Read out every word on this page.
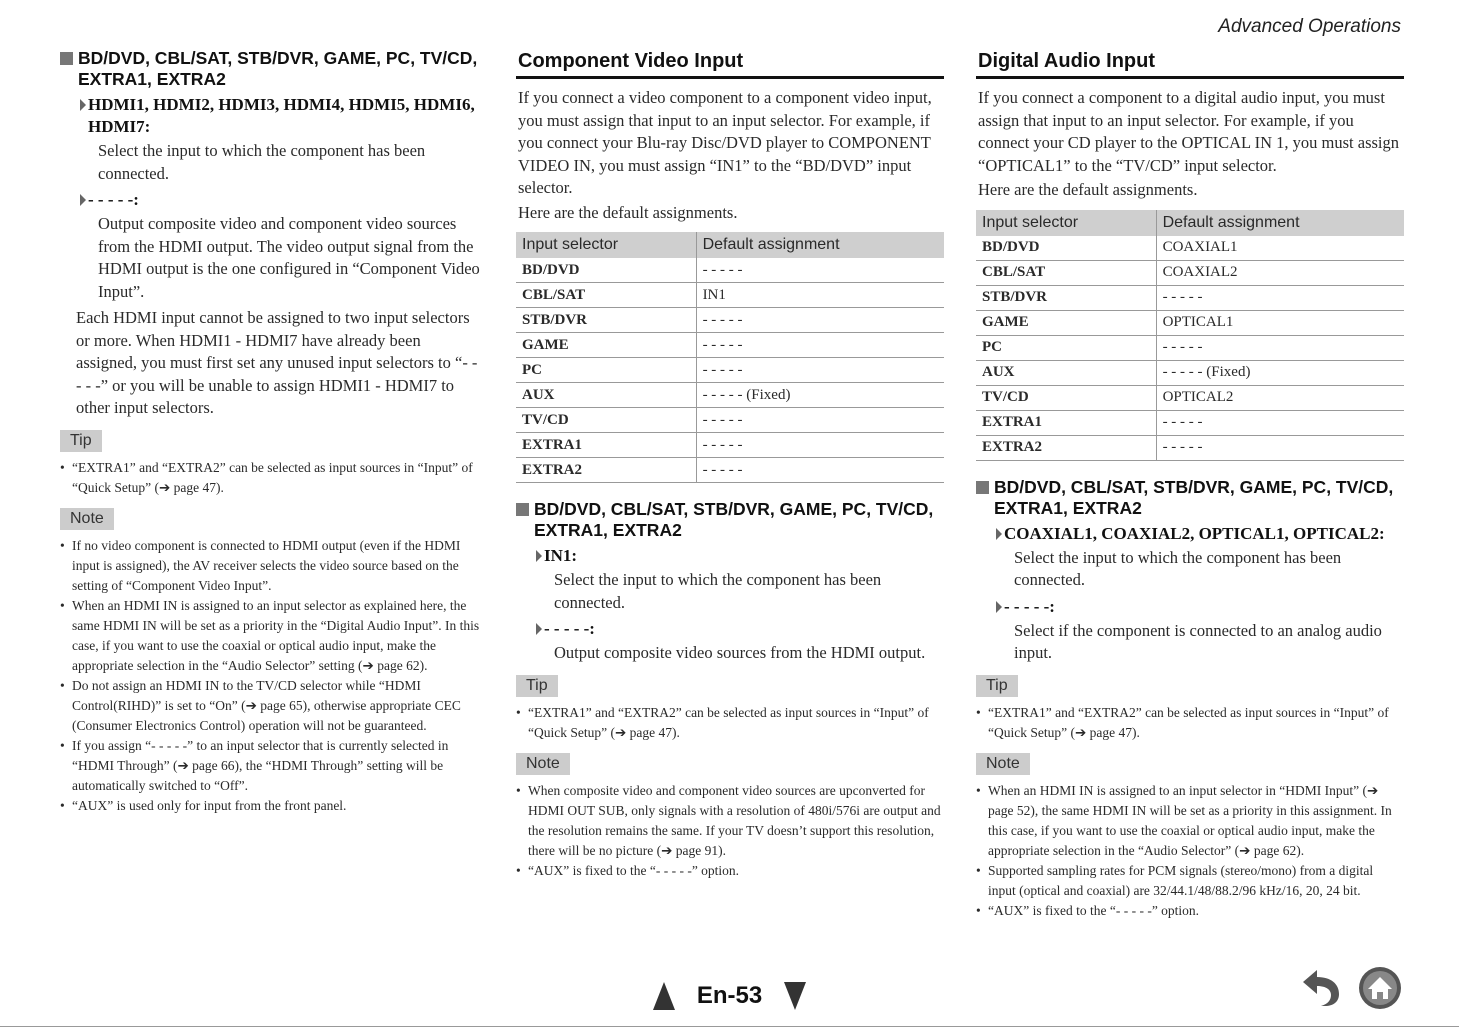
Advanced Operations
BD/DVD, CBL/SAT, STB/DVR, GAME, PC, TV/CD, EXTRA1, EXTRA2
HDMI1, HDMI2, HDMI3, HDMI4, HDMI5, HDMI6, HDMI7:
Select the input to which the component has been connected.
- - - - -:
Output composite video and component video sources from the HDMI output. The video output signal from the HDMI output is the one configured in “Component Video Input”.
Each HDMI input cannot be assigned to two input selectors or more. When HDMI1 - HDMI7 have already been assigned, you must first set any unused input selectors to “- - - - -” or you will be unable to assign HDMI1 - HDMI7 to other input selectors.
Tip
• “EXTRA1” and “EXTRA2” can be selected as input sources in “Input” of “Quick Setup” (➔ page 47).
Note
• If no video component is connected to HDMI output (even if the HDMI input is assigned), the AV receiver selects the video source based on the setting of “Component Video Input”.
• When an HDMI IN is assigned to an input selector as explained here, the same HDMI IN will be set as a priority in the “Digital Audio Input”. In this case, if you want to use the coaxial or optical audio input, make the appropriate selection in the “Audio Selector” setting (➔ page 62).
• Do not assign an HDMI IN to the TV/CD selector while “HDMI Control(RIHD)” is set to “On” (➔ page 65), otherwise appropriate CEC (Consumer Electronics Control) operation will not be guaranteed.
• If you assign “- - - - -” to an input selector that is currently selected in “HDMI Through” (➔ page 66), the “HDMI Through” setting will be automatically switched to “Off”.
• “AUX” is used only for input from the front panel.
Component Video Input

If you connect a video component to a component video input, you must assign that input to an input selector. For example, if you connect your Blu-ray Disc/DVD player to COMPONENT VIDEO IN, you must assign “IN1” to the “BD/DVD” input selector.

Here are the default assignments.

Input selector	Default assignment
BD/DVD	- - - - -
CBL/SAT	IN1
STB/DVR	- - - - -
GAME	- - - - -
PC	- - - - -
AUX	- - - - - (Fixed)
TV/CD	- - - - -
EXTRA1	- - - - -
EXTRA2	- - - - -
BD/DVD, CBL/SAT, STB/DVR, GAME, PC, TV/CD, EXTRA1, EXTRA2
IN1:
Select the input to which the component has been connected.
- - - - -:
Output composite video sources from the HDMI output.
Tip
• “EXTRA1” and “EXTRA2” can be selected as input sources in “Input” of “Quick Setup” (➔ page 47).
Note
• When composite video and component video sources are upconverted for HDMI OUT SUB, only signals with a resolution of 480i/576i are output and the resolution remains the same. If your TV doesn’t support this resolution, there will be no picture (➔ page 91).
• “AUX” is fixed to the “- - - - -” option.
Digital Audio Input

If you connect a component to a digital audio input, you must assign that input to an input selector. For example, if you connect your CD player to the OPTICAL IN 1, you must assign “OPTICAL1” to the “TV/CD” input selector.

Here are the default assignments.

Input selector	Default assignment
BD/DVD	COAXIAL1
CBL/SAT	COAXIAL2
STB/DVR	- - - - -
GAME	OPTICAL1
PC	- - - - -
AUX	- - - - - (Fixed)
TV/CD	OPTICAL2
EXTRA1	- - - - -
EXTRA2	- - - - -
BD/DVD, CBL/SAT, STB/DVR, GAME, PC, TV/CD, EXTRA1, EXTRA2
COAXIAL1, COAXIAL2, OPTICAL1, OPTICAL2:
Select the input to which the component has been connected.
- - - - -:
Select if the component is connected to an analog audio input.
Tip
• “EXTRA1” and “EXTRA2” can be selected as input sources in “Input” of “Quick Setup” (➔ page 47).
Note
• When an HDMI IN is assigned to an input selector in “HDMI Input” (➔ page 52), the same HDMI IN will be set as a priority in this assignment. In this case, if you want to use the coaxial or optical audio input, make the appropriate selection in the “Audio Selector” (➔ page 62).
• Supported sampling rates for PCM signals (stereo/mono) from a digital input (optical and coaxial) are 32/44.1/48/88.2/96 kHz/16, 20, 24 bit.
• “AUX” is fixed to the “- - - - -” option.
En-53
